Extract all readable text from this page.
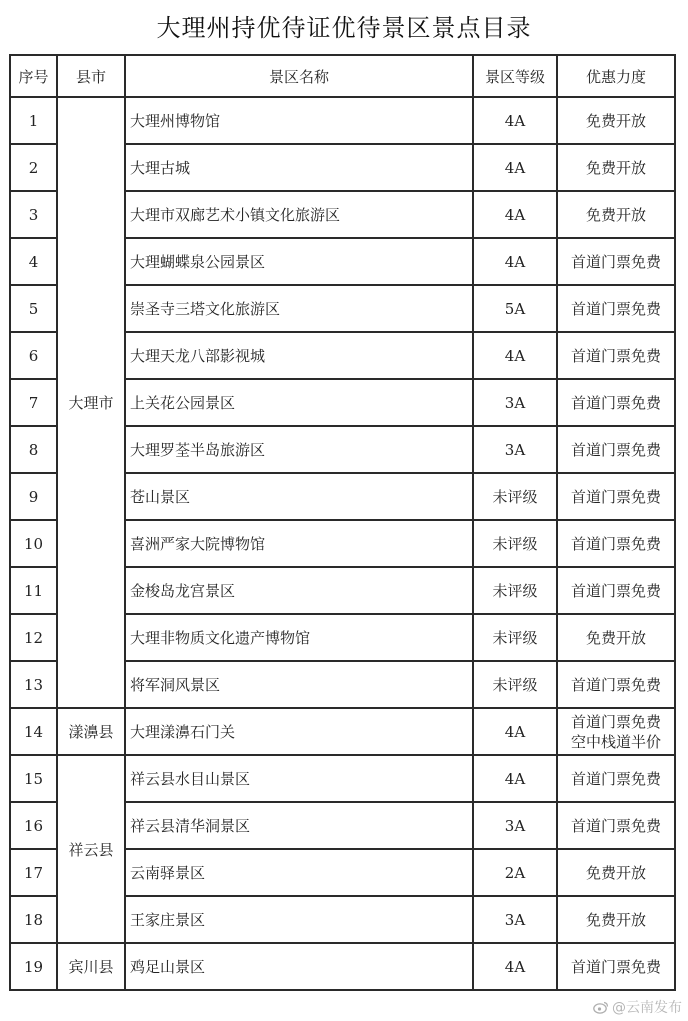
大理州持优待证优待景区景点目录
序号	县市	景区名称	景区等级	优惠力度
1	大理市	大理州博物馆	4A	免费开放

2		大理古城	4A	免费开放

3		大理市双廊艺术小镇文化旅游区	4A	免费开放

4		大理蝴蝶泉公园景区	4A	首道门票免费

5		崇圣寺三塔文化旅游区	5A	首道门票免费

6		大理天龙八部影视城	4A	首道门票免费

7		上关花公园景区	3A	首道门票免费

8		大理罗荃半岛旅游区	3A	首道门票免费

9		苍山景区	未评级	首道门票免费

10		喜洲严家大院博物馆	未评级	首道门票免费

11		金梭岛龙宫景区	未评级	首道门票免费

12		大理非物质文化遗产博物馆	未评级	免费开放

13		将军洞风景区	未评级	首道门票免费

14	漾濞县	大理漾濞石门关	4A	首道门票免费
空中栈道半价

15	祥云县	祥云县水目山景区	4A	首道门票免费

16		祥云县清华洞景区	3A	首道门票免费

17		云南驿景区	2A	免费开放

18		王家庄景区	3A	免费开放

19	宾川县	鸡足山景区	4A	首道门票免费
@云南发布
